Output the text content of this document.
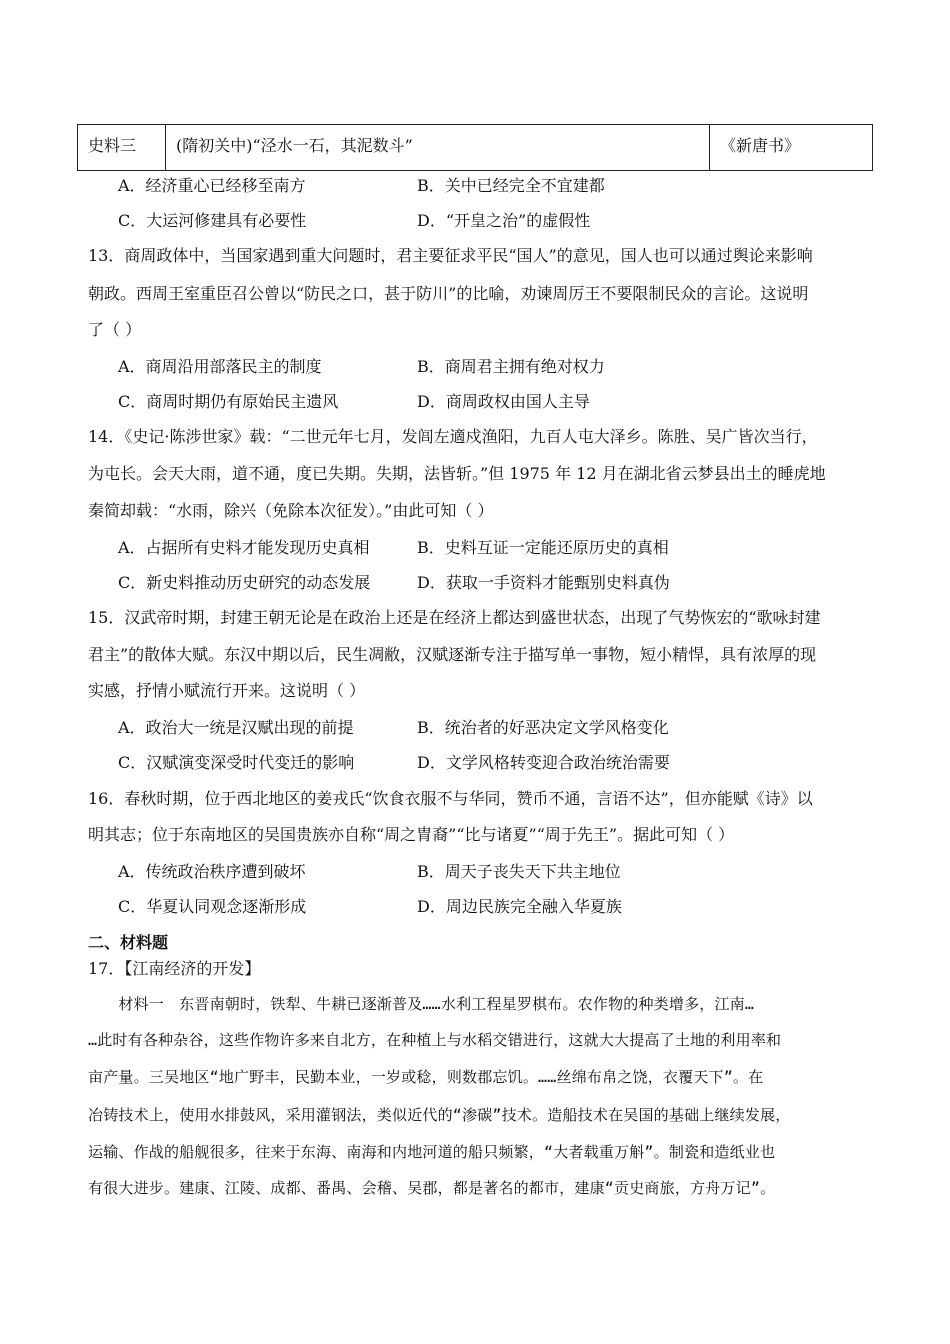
史料三	(隋初关中)“泾水一石，其泥数斗”	《新唐书》
A．经济重心已经移至南方	B．关中已经完全不宜建都
C．大运河修建具有必要性	D．“开皇之治”的虚假性
13．商周政体中，当国家遇到重大问题时，君主要征求平民“国人”的意见，国人也可以通过舆论来影响
朝政。西周王室重臣召公曾以“防民之口，甚于防川”的比喻，劝谏周厉王不要限制民众的言论。这说明
了（ ）
A．商周沿用部落民主的制度	B．商周君主拥有绝对权力
C．商周时期仍有原始民主遗风	D．商周政权由国人主导
14．《史记·陈涉世家》载：“二世元年七月，发闾左適戍渔阳，九百人屯大泽乡。陈胜、吴广皆次当行，
为屯长。会天大雨，道不通，度已失期。失期，法皆斩。”但 1975 年 12 月在湖北省云梦县出土的睡虎地
秦简却载：“水雨，除兴（免除本次征发）。”由此可知（ ）
A．占据所有史料才能发现历史真相	B．史料互证一定能还原历史的真相
C．新史料推动历史研究的动态发展	D．获取一手资料才能甄别史料真伪
15．汉武帝时期，封建王朝无论是在政治上还是在经济上都达到盛世状态，出现了气势恢宏的“歌咏封建
君主”的散体大赋。东汉中期以后，民生凋敝，汉赋逐渐专注于描写单一事物，短小精悍，具有浓厚的现
实感，抒情小赋流行开来。这说明（ ）
A．政治大一统是汉赋出现的前提	B．统治者的好恶决定文学风格变化
C．汉赋演变深受时代变迁的影响	D．文学风格转变迎合政治统治需要
16．春秋时期，位于西北地区的姜戎氏“饮食衣服不与华同，赞币不通，言语不达”，但亦能赋《诗》以
明其志；位于东南地区的吴国贵族亦自称“周之胄裔”“比与诸夏”“周于先王”。据此可知（ ）
A．传统政治秩序遭到破坏	B．周天子丧失天下共主地位
C．华夏认同观念逐渐形成	D．周边民族完全融入华夏族
二、材料题
17．【江南经济的开发】
　　材料一　东晋南朝时，铁犁、牛耕已逐渐普及……水利工程星罗棋布。农作物的种类增多，江南…
…此时有各种杂谷，这些作物许多来自北方，在种植上与水稻交错进行，这就大大提高了土地的利用率和
亩产量。三吴地区“地广野丰，民勤本业，一岁或稔，则数郡忘饥。……丝绵布帛之饶，衣覆天下”。在
冶铸技术上，使用水排鼓风，采用灌钢法，类似近代的“渗碳”技术。造船技术在吴国的基础上继续发展，
运输、作战的船舰很多，往来于东海、南海和内地河道的船只频繁，“大者载重万斛”。制瓷和造纸业也
有很大进步。建康、江陵、成都、番禺、会稽、吴郡，都是著名的都市，建康“贡史商旅，方舟万记”。
